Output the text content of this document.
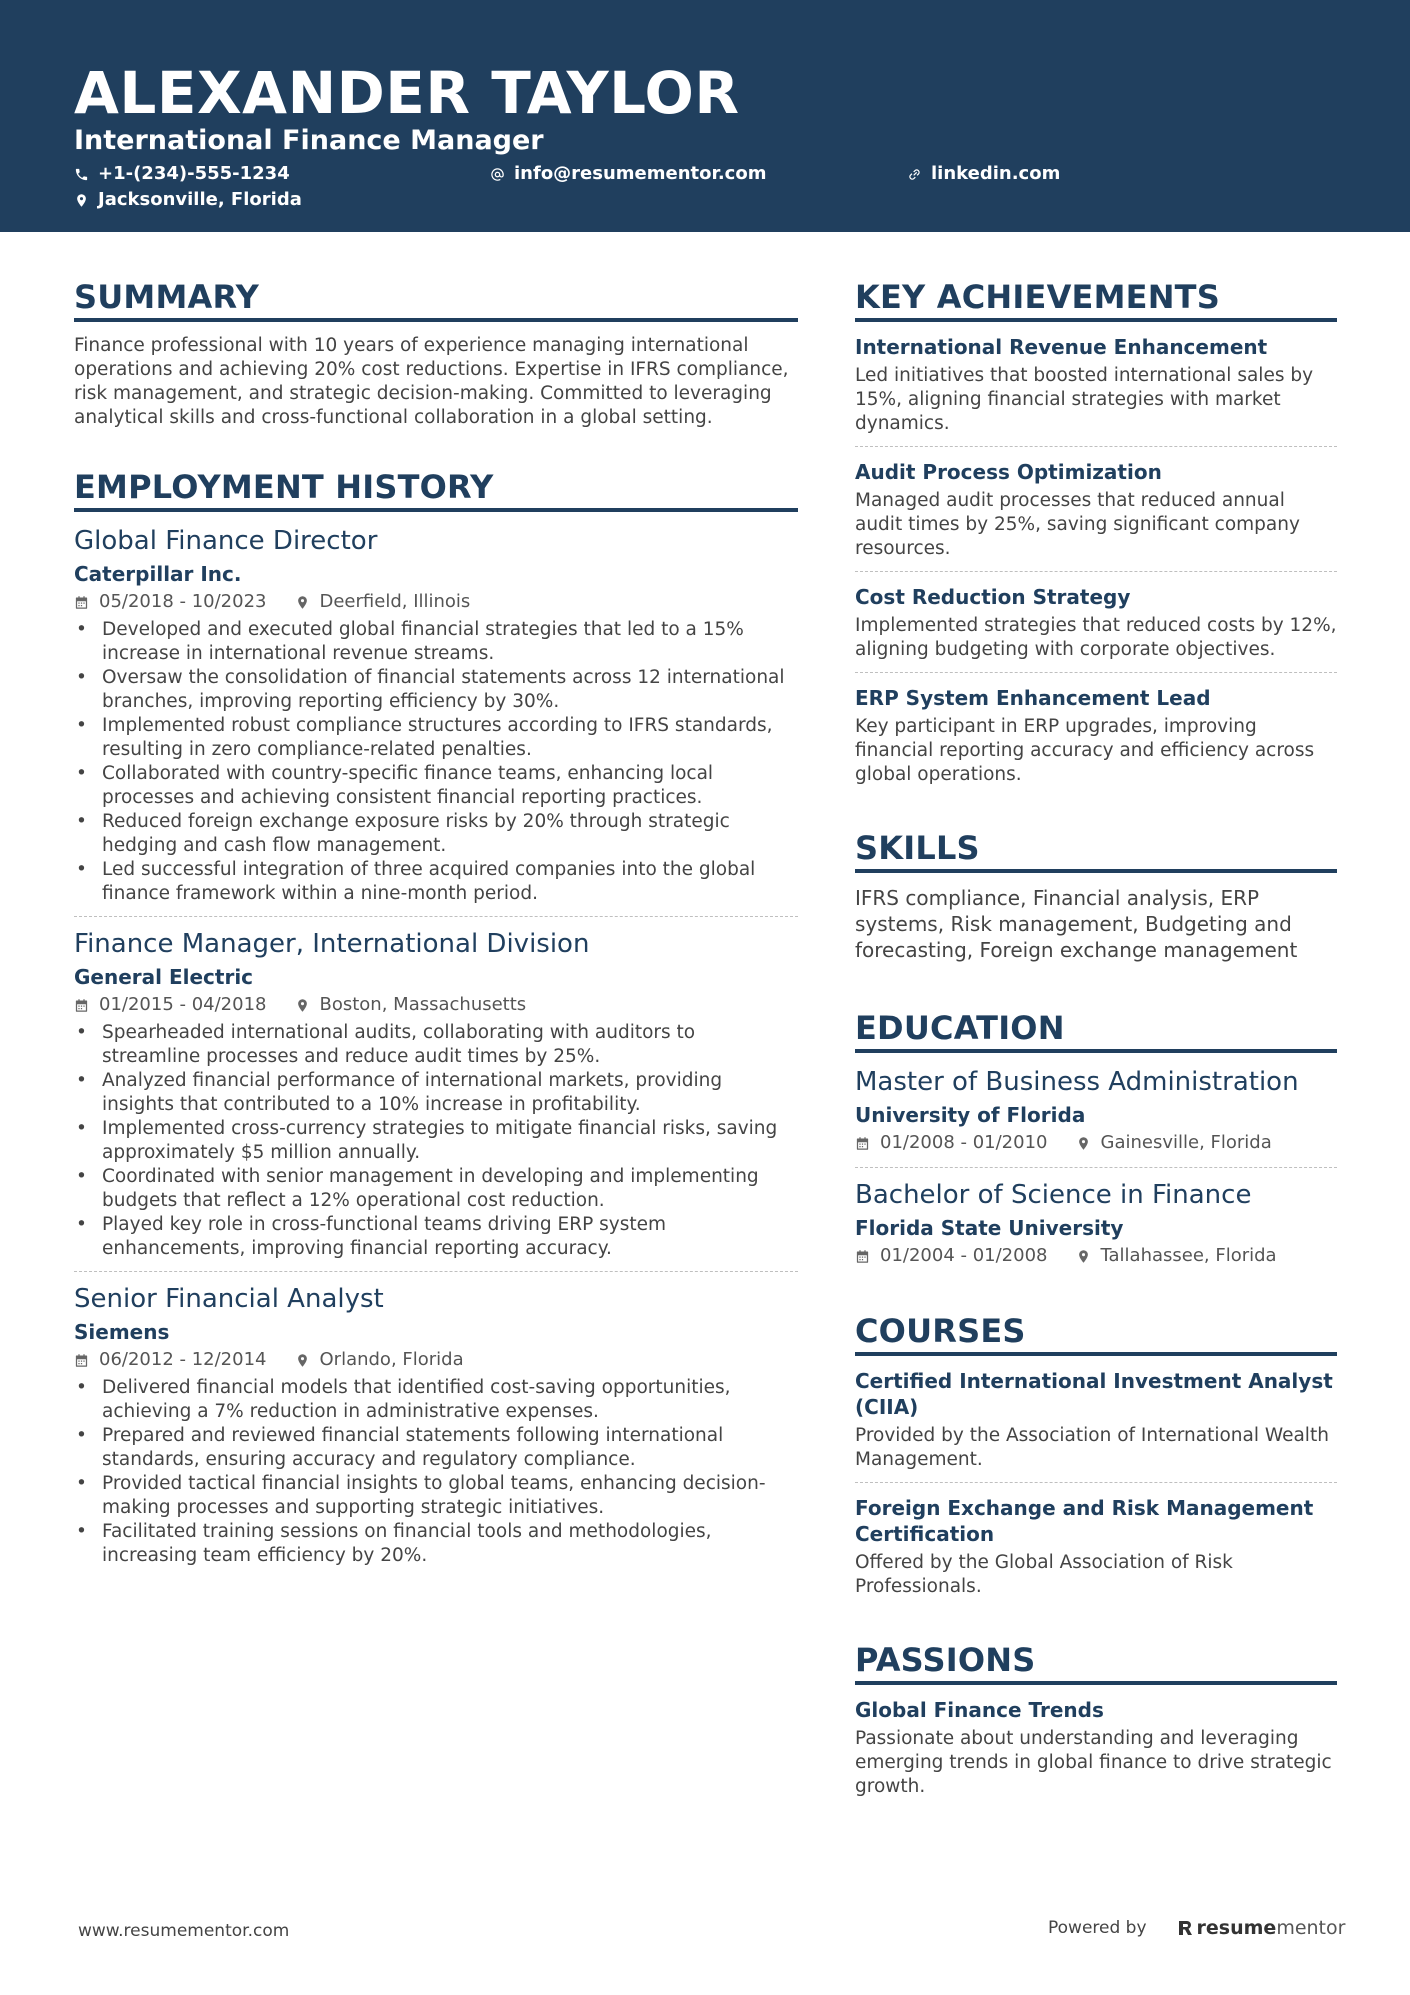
ALEXANDER TAYLOR
International Finance Manager
+1-(234)-555-1234	info@resumementor.com	linkedin.com
Jacksonville, Florida
SUMMARY
Finance professional with 10 years of experience managing international operations and achieving 20% cost reductions. Expertise in IFRS compliance, risk management, and strategic decision-making. Committed to leveraging analytical skills and cross-functional collaboration in a global setting.
EMPLOYMENT HISTORY
Global Finance Director
Caterpillar Inc.
05/2018 - 10/2023	Deerfield, Illinois
• Developed and executed global financial strategies that led to a 15% increase in international revenue streams.
• Oversaw the consolidation of financial statements across 12 international branches, improving reporting efficiency by 30%.
• Implemented robust compliance structures according to IFRS standards, resulting in zero compliance-related penalties.
• Collaborated with country-specific finance teams, enhancing local processes and achieving consistent financial reporting practices.
• Reduced foreign exchange exposure risks by 20% through strategic hedging and cash flow management.
• Led successful integration of three acquired companies into the global finance framework within a nine-month period.
Finance Manager, International Division
General Electric
01/2015 - 04/2018	Boston, Massachusetts
• Spearheaded international audits, collaborating with auditors to streamline processes and reduce audit times by 25%.
• Analyzed financial performance of international markets, providing insights that contributed to a 10% increase in profitability.
• Implemented cross-currency strategies to mitigate financial risks, saving approximately $5 million annually.
• Coordinated with senior management in developing and implementing budgets that reflect a 12% operational cost reduction.
• Played key role in cross-functional teams driving ERP system enhancements, improving financial reporting accuracy.
Senior Financial Analyst
Siemens
06/2012 - 12/2014	Orlando, Florida
• Delivered financial models that identified cost-saving opportunities, achieving a 7% reduction in administrative expenses.
• Prepared and reviewed financial statements following international standards, ensuring accuracy and regulatory compliance.
• Provided tactical financial insights to global teams, enhancing decision-making processes and supporting strategic initiatives.
• Facilitated training sessions on financial tools and methodologies, increasing team efficiency by 20%.
KEY ACHIEVEMENTS
International Revenue Enhancement
Led initiatives that boosted international sales by 15%, aligning financial strategies with market dynamics.
Audit Process Optimization
Managed audit processes that reduced annual audit times by 25%, saving significant company resources.
Cost Reduction Strategy
Implemented strategies that reduced costs by 12%, aligning budgeting with corporate objectives.
ERP System Enhancement Lead
Key participant in ERP upgrades, improving financial reporting accuracy and efficiency across global operations.
SKILLS
IFRS compliance, Financial analysis, ERP systems, Risk management, Budgeting and forecasting, Foreign exchange management
EDUCATION
Master of Business Administration
University of Florida
01/2008 - 01/2010	Gainesville, Florida
Bachelor of Science in Finance
Florida State University
01/2004 - 01/2008	Tallahassee, Florida
COURSES
Certified International Investment Analyst (CIIA)
Provided by the Association of International Wealth Management.
Foreign Exchange and Risk Management Certification
Offered by the Global Association of Risk Professionals.
PASSIONS
Global Finance Trends
Passionate about understanding and leveraging emerging trends in global finance to drive strategic growth.
www.resumementor.com	Powered by	resume mentor
